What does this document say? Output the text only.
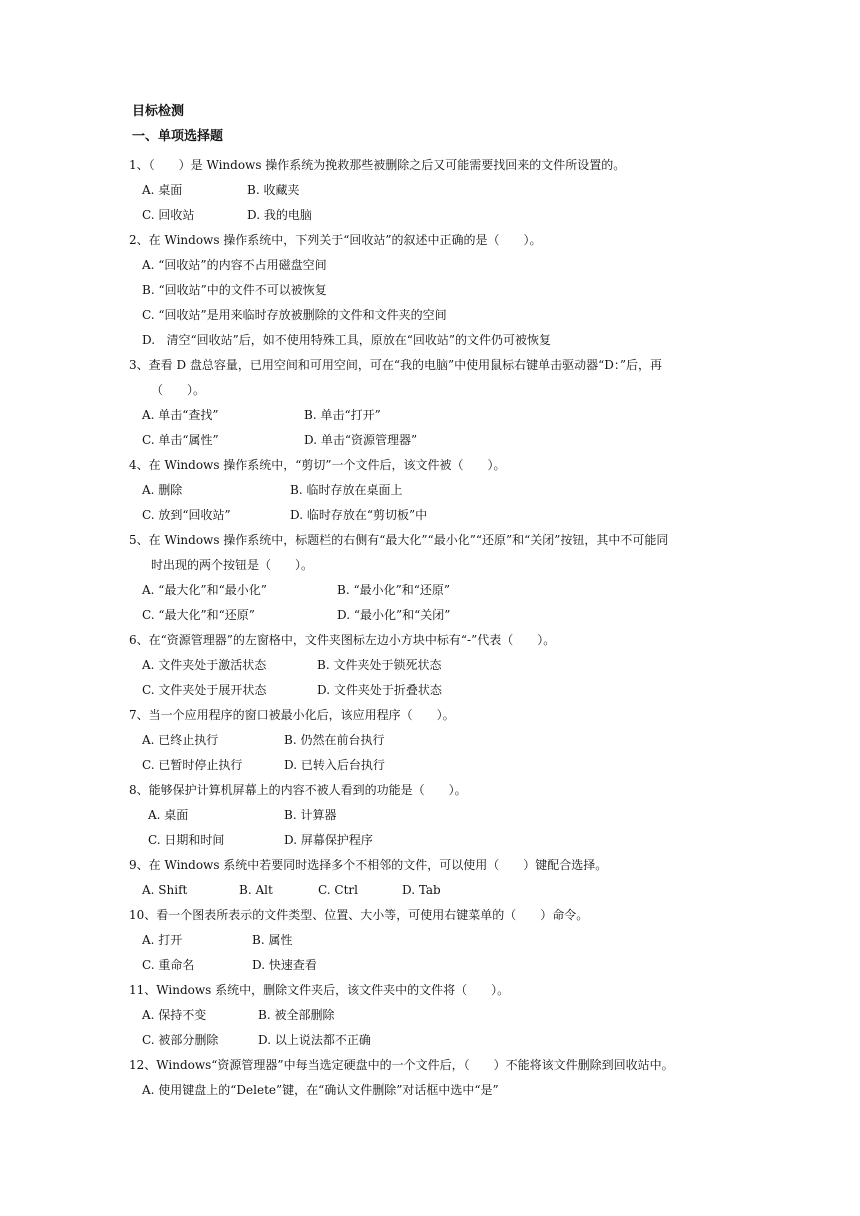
目标检测
一、单项选择题
1、（　　）是 Windows 操作系统为挽救那些被删除之后又可能需要找回来的文件所设置的。
A. 桌面	B. 收藏夹
C. 回收站	D. 我的电脑
2、在 Windows 操作系统中，下列关于“回收站”的叙述中正确的是（　　）。
A. “回收站”的内容不占用磁盘空间
B. “回收站”中的文件不可以被恢复
C. “回收站”是用来临时存放被删除的文件和文件夹的空间
D.   清空“回收站”后，如不使用特殊工具，原放在“回收站”的文件仍可被恢复
3、查看 D 盘总容量，已用空间和可用空间，可在“我的电脑”中使用鼠标右键单击驱动器“D：”后，再
（　　）。
A. 单击“查找”	B. 单击“打开”
C. 单击“属性”	D. 单击“资源管理器”
4、在 Windows 操作系统中，“剪切”一个文件后，该文件被（　　）。
A. 删除	B. 临时存放在桌面上
C. 放到“回收站”	D. 临时存放在“剪切板”中
5、在 Windows 操作系统中，标题栏的右侧有“最大化”“最小化”“还原”和“关闭”按钮，其中不可能同
时出现的两个按钮是（　　）。
A. “最大化”和“最小化”	B. “最小化”和“还原”
C. “最大化”和“还原”	D. “最小化”和“关闭”
6、在“资源管理器”的左窗格中，文件夹图标左边小方块中标有“-”代表（　　）。
A. 文件夹处于激活状态	B. 文件夹处于锁死状态
C. 文件夹处于展开状态	D. 文件夹处于折叠状态
7、当一个应用程序的窗口被最小化后，该应用程序（　　）。
A. 已终止执行	B. 仍然在前台执行
C. 已暂时停止执行	D. 已转入后台执行
8、能够保护计算机屏幕上的内容不被人看到的功能是（　　）。
A. 桌面	B. 计算器
C. 日期和时间	D. 屏幕保护程序
9、在 Windows 系统中若要同时选择多个不相邻的文件，可以使用（　　）键配合选择。
A. Shift	B. Alt	C. Ctrl	D. Tab
10、看一个图表所表示的文件类型、位置、大小等，可使用右键菜单的（　　）命令。
A. 打开	B. 属性
C. 重命名	D. 快速查看
11、Windows 系统中，删除文件夹后，该文件夹中的文件将（　　）。
A. 保持不变	B. 被全部删除
C. 被部分删除	D. 以上说法都不正确
12、Windows“资源管理器”中每当选定硬盘中的一个文件后，（　　）不能将该文件删除到回收站中。
A. 使用键盘上的“Delete”键，在“确认文件删除”对话框中选中“是”
